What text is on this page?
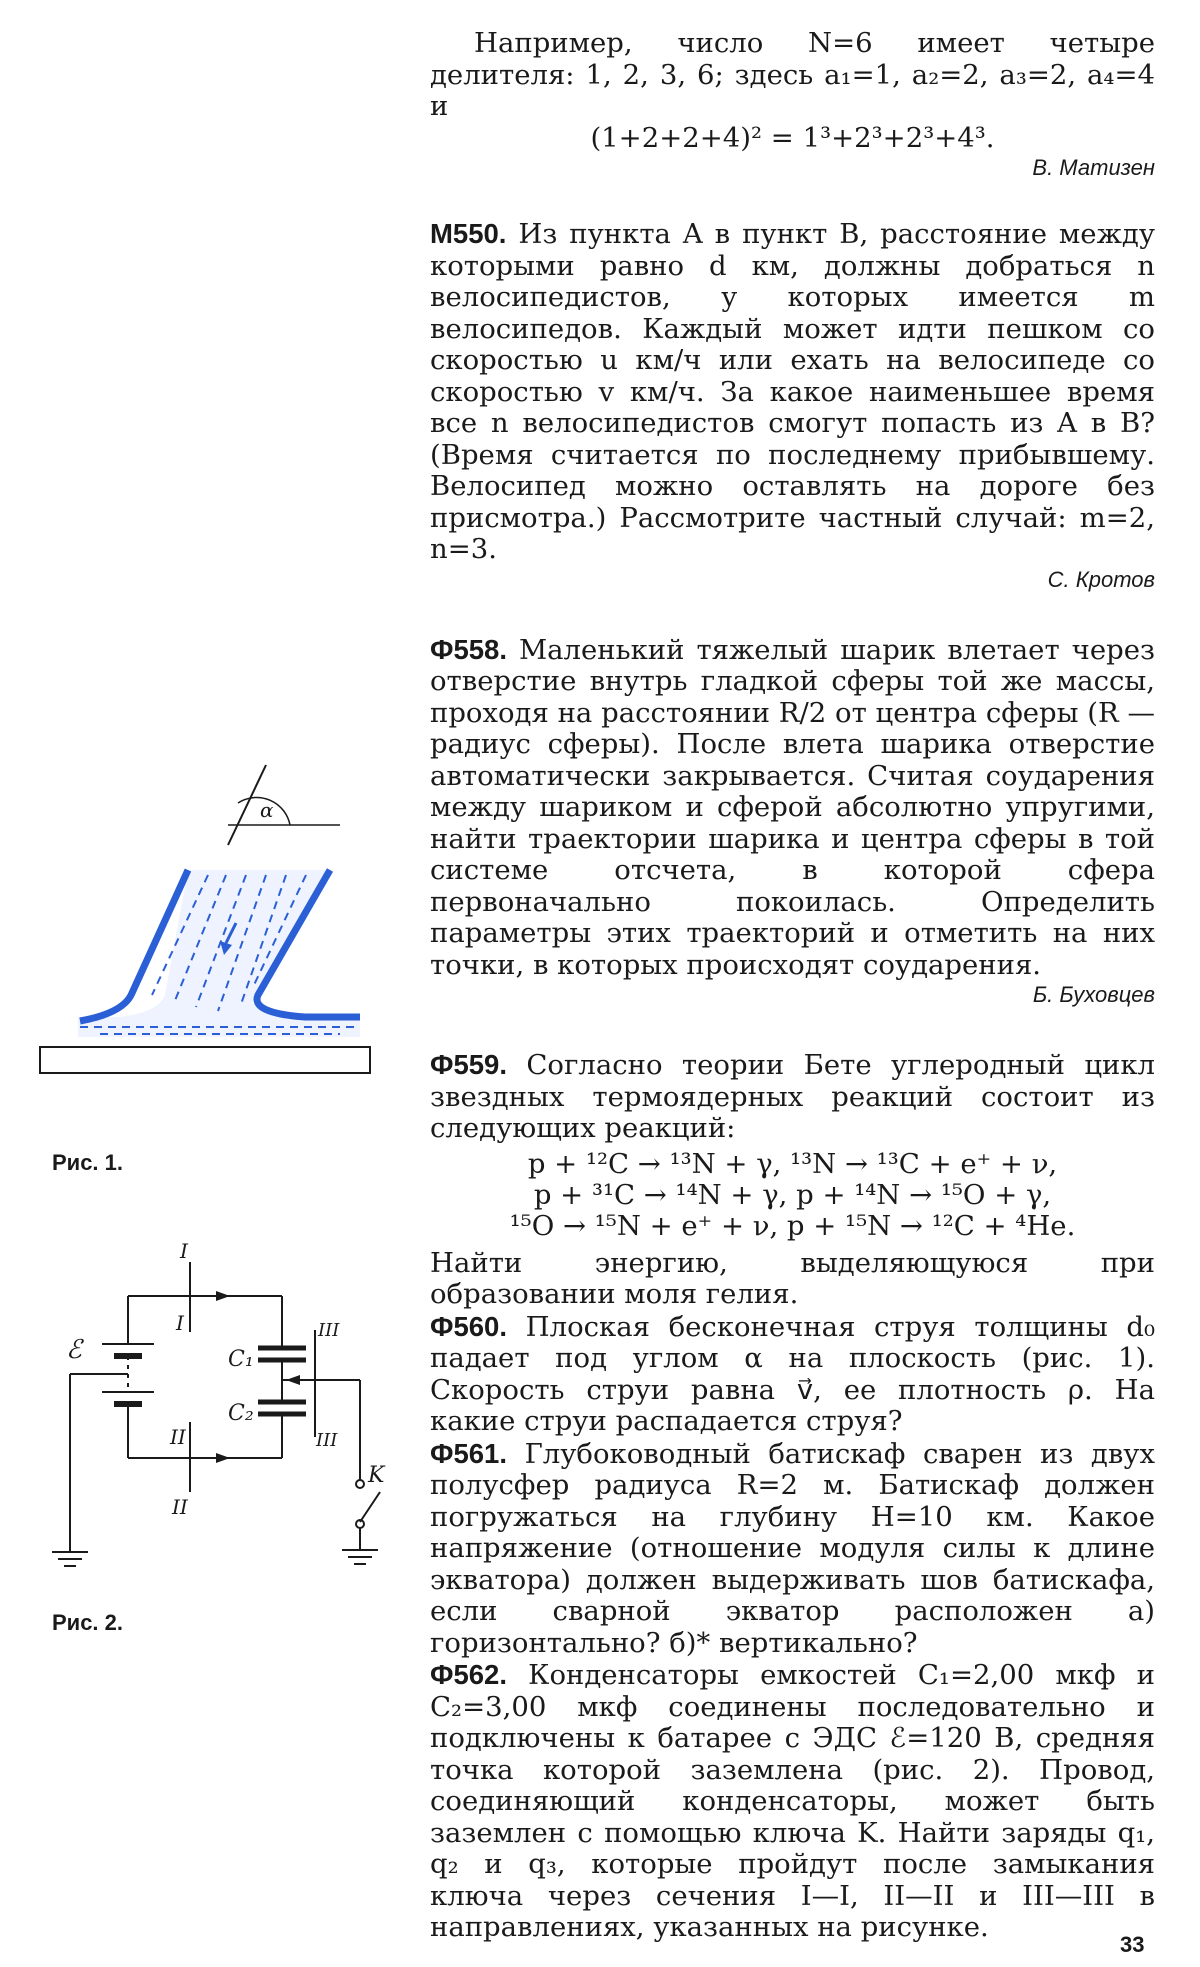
Например, число N=6 имеет четыре делителя: 1, 2, 3, 6; здесь a₁=1, a₂=2, a₃=2, a₄=4 и

(1+2+2+4)² = 1³+2³+2³+4³.

В. Матизен

М550. Из пункта A в пункт B, расстояние между которыми равно d км, должны добраться n велосипедистов, у которых имеется m велосипедов. Каждый может идти пешком со скоростью u км/ч или ехать на велосипеде со скоростью v км/ч. За какое наименьшее время все n велосипедистов смогут попасть из A в B? (Время считается по последнему прибывшему. Велосипед можно оставлять на дороге без присмотра.) Рассмотрите частный случай: m=2, n=3.

С. Кротов

Ф558. Маленький тяжелый шарик влетает через отверстие внутрь гладкой сферы той же массы, проходя на расстоянии R/2 от центра сферы (R — радиус сферы). После влета шарика отверстие автоматически закрывается. Считая соударения между шариком и сферой абсолютно упругими, найти траектории шарика и центра сферы в той системе отсчета, в которой сфера первоначально покоилась. Определить параметры этих траекторий и отметить на них точки, в которых происходят соударения.

Б. Буховцев

Ф559. Согласно теории Бете углеродный цикл звездных термоядерных реакций состоит из следующих реакций:

p + ¹²C → ¹³N + γ, ¹³N → ¹³C + e⁺ + ν,
p + ³¹C → ¹⁴N + γ, p + ¹⁴N → ¹⁵O + γ,
¹⁵O → ¹⁵N + e⁺ + ν, p + ¹⁵N → ¹²C + ⁴He.

Найти энергию, выделяющуюся при образовании моля гелия.

Ф560. Плоская бесконечная струя толщины d₀ падает под углом α на плоскость (рис. 1). Скорость струи равна v⃗, ее плотность ρ. На какие струи распадается струя?

Ф561. Глубоководный батискаф сварен из двух полусфер радиуса R=2 м. Батискаф должен погружаться на глубину H=10 км. Какое напряжение (отношение модуля силы к длине экватора) должен выдерживать шов батискафа, если сварной экватор расположен а) горизонтально? б)* вертикально?

Ф562. Конденсаторы емкостей C₁=2,00 мкф и C₂=3,00 мкф соединены последовательно и подключены к батарее с ЭДС ℰ=120 В, средняя точка которой заземлена (рис. 2). Провод, соединяющий конденсаторы, может быть заземлен с помощью ключа K. Найти заряды q₁, q₂ и q₃, которые пройдут после замыкания ключа через сечения I—I, II—II и III—III в направлениях, указанных на рисунке.

α
Рис. 1.
ℰ	C₁
C₂
K
I
I
II
II
III
III
Рис. 2.
33
